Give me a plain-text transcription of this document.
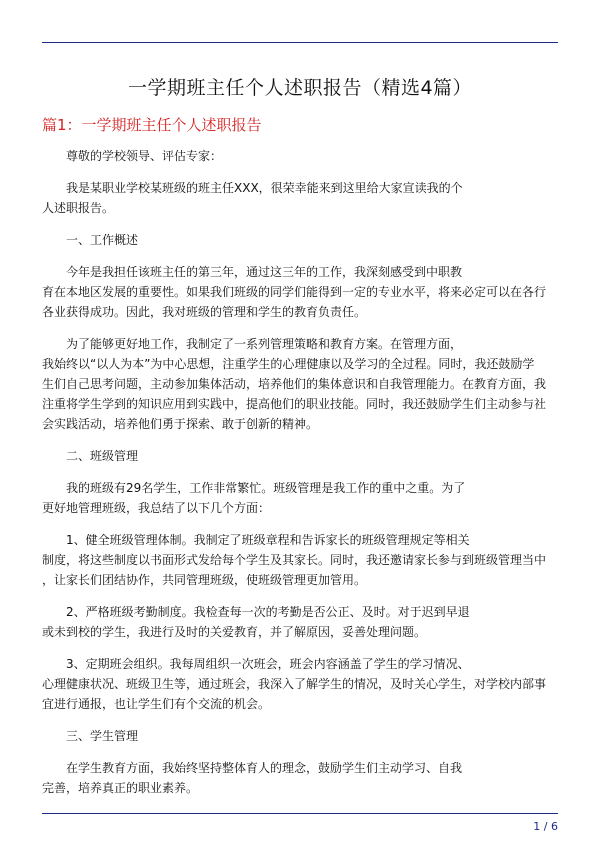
一学期班主任个人述职报告（精选4篇）
篇1：一学期班主任个人述职报告

尊敬的学校领导、评估专家：

我是某职业学校某班级的班主任XXX，很荣幸能来到这里给大家宣读我的个
人述职报告。

一、工作概述

今年是我担任该班主任的第三年，通过这三年的工作，我深刻感受到中职教
育在本地区发展的重要性。如果我们班级的同学们能得到一定的专业水平，将来必定可以在各行
各业获得成功。因此，我对班级的管理和学生的教育负责任。

为了能够更好地工作，我制定了一系列管理策略和教育方案。在管理方面，
我始终以“以人为本”为中心思想，注重学生的心理健康以及学习的全过程。同时，我还鼓励学
生们自己思考问题，主动参加集体活动，培养他们的集体意识和自我管理能力。在教育方面，我
注重将学生学到的知识应用到实践中，提高他们的职业技能。同时，我还鼓励学生们主动参与社
会实践活动，培养他们勇于探索、敢于创新的精神。

二、班级管理

我的班级有29名学生，工作非常繁忙。班级管理是我工作的重中之重。为了
更好地管理班级，我总结了以下几个方面：

1、健全班级管理体制。我制定了班级章程和告诉家长的班级管理规定等相关
制度，将这些制度以书面形式发给每个学生及其家长。同时，我还邀请家长参与到班级管理当中
，让家长们团结协作，共同管理班级，使班级管理更加管用。

2、严格班级考勤制度。我检查每一次的考勤是否公正、及时。对于迟到早退
或未到校的学生，我进行及时的关爱教育，并了解原因，妥善处理问题。

3、定期班会组织。我每周组织一次班会，班会内容涵盖了学生的学习情况、
心理健康状况、班级卫生等，通过班会，我深入了解学生的情况，及时关心学生，对学校内部事
宜进行通报，也让学生们有个交流的机会。

三、学生管理

在学生教育方面，我始终坚持整体育人的理念，鼓励学生们主动学习、自我
完善，培养真正的职业素养。

1 / 6
